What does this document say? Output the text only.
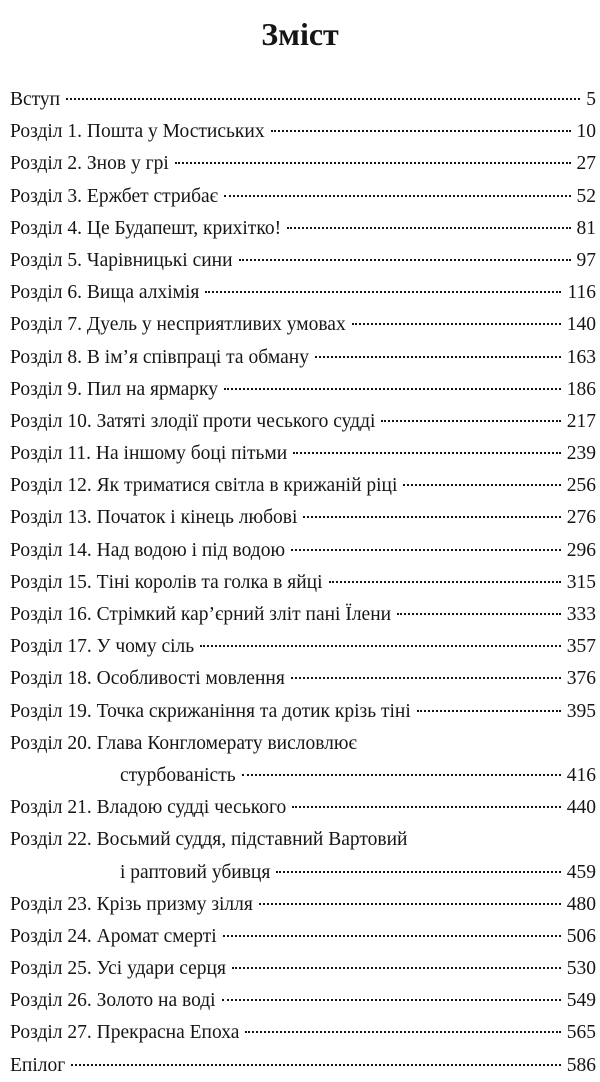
Зміст
Вступ	5
Розділ 1. Пошта у Мостиських	10
Розділ 2. Знов у грі	27
Розділ 3. Ержбет стрибає	52
Розділ 4. Це Будапешт, крихітко!	81
Розділ 5. Чарівницькі сини	97
Розділ 6. Вища алхімія	116
Розділ 7. Дуель у несприятливих умовах	140
Розділ 8. В ім’я співпраці та обману	163
Розділ 9. Пил на ярмарку	186
Розділ 10. Затяті злодії проти чеського судді	217
Розділ 11. На іншому боці пітьми	239
Розділ 12. Як триматися світла в крижаній ріці	256
Розділ 13. Початок і кінець любові	276
Розділ 14. Над водою і під водою	296
Розділ 15. Тіні королів та голка в яйці	315
Розділ 16. Стрімкий кар’єрний зліт пані Їлени	333
Розділ 17. У чому сіль	357
Розділ 18. Особливості мовлення	376
Розділ 19. Точка скрижаніння та дотик крізь тіні	395
Розділ 20. Глава Конгломерату висловлює
стурбованість	416
Розділ 21. Владою судді чеського	440
Розділ 22. Восьмий суддя, підставний Вартовий
і раптовий убивця	459
Розділ 23. Крізь призму зілля	480
Розділ 24. Аромат смерті	506
Розділ 25. Усі удари серця	530
Розділ 26. Золото на воді	549
Розділ 27. Прекрасна Епоха	565
Епілог	586
